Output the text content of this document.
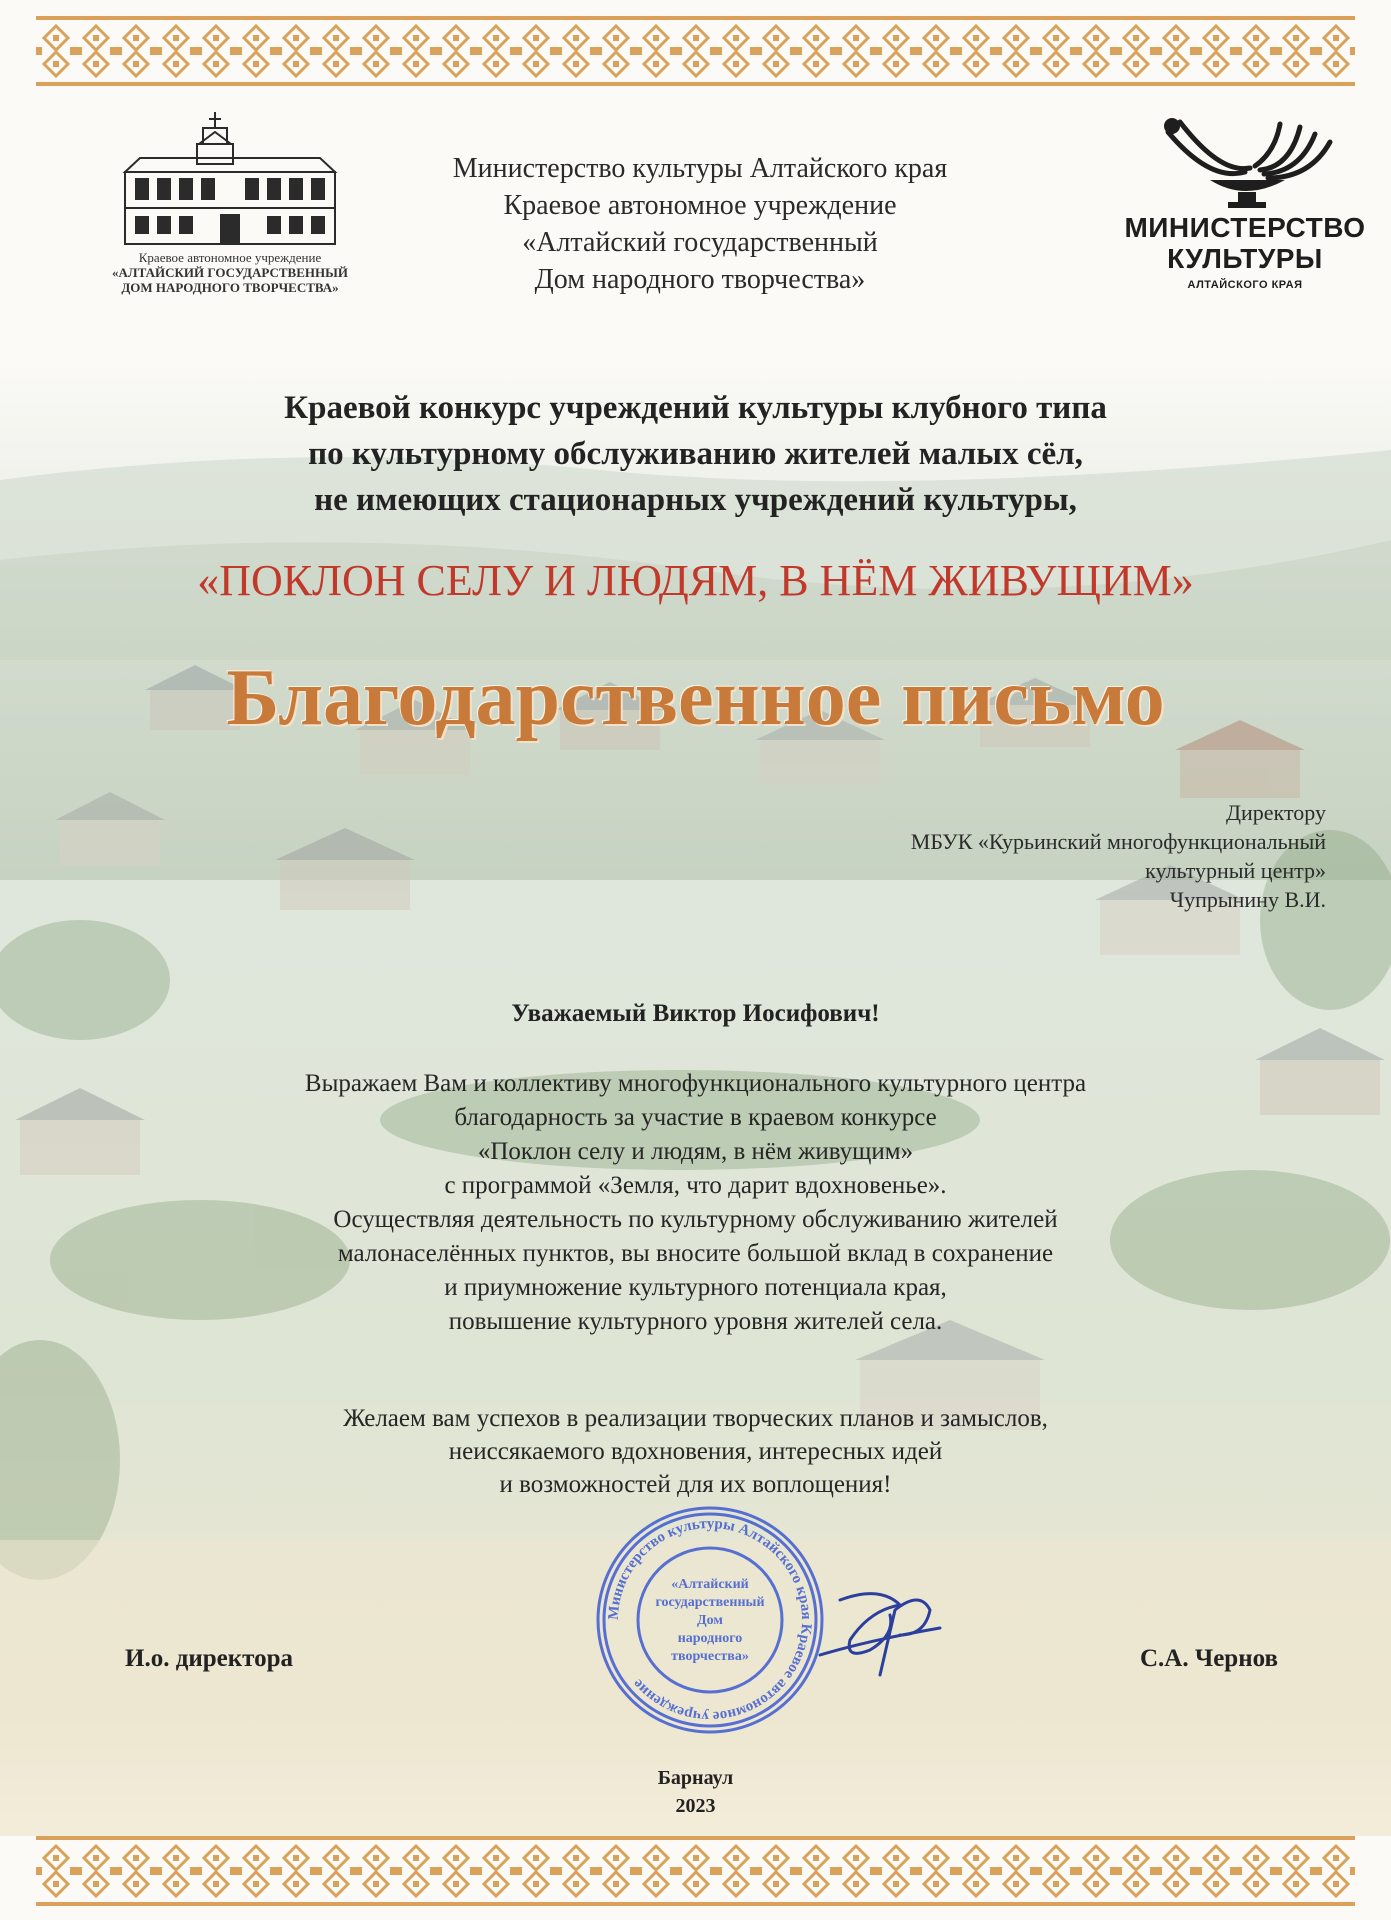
Краевое автономное учреждение
«АЛТАЙСКИЙ ГОСУДАРСТВЕННЫЙ
ДОМ НАРОДНОГО ТВОРЧЕСТВА»
Министерство культуры Алтайского края
Краевое автономное учреждение
«Алтайский государственный
Дом народного творчества»
МИНИСТЕРСТВО
КУЛЬТУРЫ
АЛТАЙСКОГО КРАЯ
Краевой конкурс учреждений культуры клубного типа
по культурному обслуживанию жителей малых сёл,
не имеющих стационарных учреждений культуры,
«ПОКЛОН СЕЛУ И ЛЮДЯМ, В НЁМ ЖИВУЩИМ»
Благодарственное письмо
Директору
МБУК «Курьинский многофункциональный
культурный центр»
Чупрынину В.И.
Уважаемый Виктор Иосифович!
Выражаем Вам и коллективу многофункционального культурного центра
благодарность за участие в краевом конкурсе
«Поклон селу и людям, в нём живущим»
с программой «Земля, что дарит вдохновенье».
Осуществляя деятельность по культурному обслуживанию жителей
малонаселённых пунктов, вы вносите большой вклад в сохранение
и приумножение культурного потенциала края,
повышение культурного уровня жителей села.
Желаем вам успехов в реализации творческих планов и замыслов,
неиссякаемого вдохновения, интересных идей
и возможностей для их воплощения!
Министерство культуры Алтайского края Краевое автономное учреждение
«Алтайский
государственный
Дом
народного
творчества»
И.о. директора	С.А. Чернов
Барнаул
2023
